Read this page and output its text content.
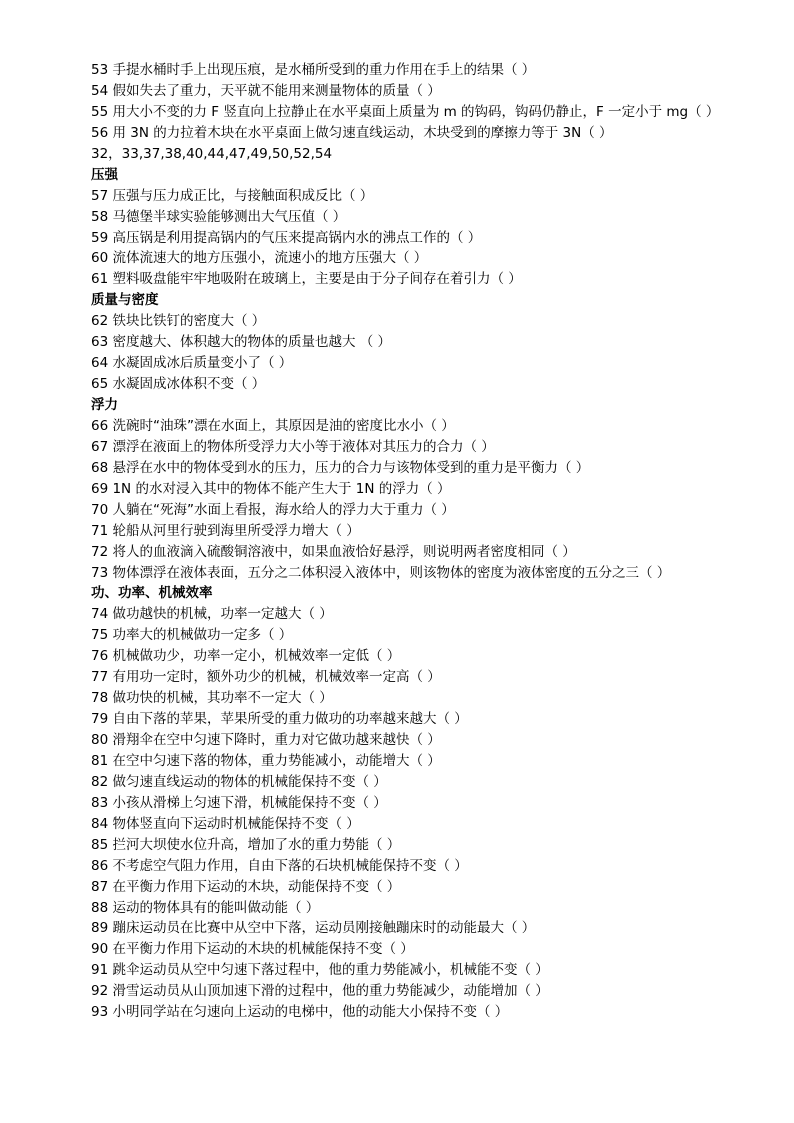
53 手提水桶时手上出现压痕，是水桶所受到的重力作用在手上的结果（ ）
54 假如失去了重力，天平就不能用来测量物体的质量（ ）
55 用大小不变的力 F 竖直向上拉静止在水平桌面上质量为 m 的钩码，钩码仍静止，F 一定小于 mg（ ）
56 用 3N 的力拉着木块在水平桌面上做匀速直线运动，木块受到的摩擦力等于 3N（ ）
32，33,37,38,40,44,47,49,50,52,54
压强
57 压强与压力成正比，与接触面积成反比（ ）
58 马德堡半球实验能够测出大气压值（ ）
59 高压锅是利用提高锅内的气压来提高锅内水的沸点工作的（ ）
60 流体流速大的地方压强小，流速小的地方压强大（ ）
61 塑料吸盘能牢牢地吸附在玻璃上，主要是由于分子间存在着引力（ ）
质量与密度
62 铁块比铁钉的密度大（ ）
63 密度越大、体积越大的物体的质量也越大 （ ）
64 水凝固成冰后质量变小了（ ）
65 水凝固成冰体积不变（ ）
浮力
66 洗碗时“油珠”漂在水面上，其原因是油的密度比水小（ ）
67 漂浮在液面上的物体所受浮力大小等于液体对其压力的合力（ ）
68 悬浮在水中的物体受到水的压力，压力的合力与该物体受到的重力是平衡力（ ）
69 1N 的水对浸入其中的物体不能产生大于 1N 的浮力（ ）
70 人躺在“死海”水面上看报，海水给人的浮力大于重力（ ）
71 轮船从河里行驶到海里所受浮力增大（ ）
72 将人的血液滴入硫酸铜溶液中，如果血液恰好悬浮，则说明两者密度相同（ ）
73 物体漂浮在液体表面，五分之二体积浸入液体中，则该物体的密度为液体密度的五分之三（ ）
功、功率、机械效率
74 做功越快的机械，功率一定越大（ ）
75 功率大的机械做功一定多（ ）
76 机械做功少，功率一定小，机械效率一定低（ ）
77 有用功一定时，额外功少的机械，机械效率一定高（ ）
78 做功快的机械，其功率不一定大（ ）
79 自由下落的苹果，苹果所受的重力做功的功率越来越大（ ）
80 滑翔伞在空中匀速下降时，重力对它做功越来越快（ ）
81 在空中匀速下落的物体，重力势能减小，动能增大（ ）
82 做匀速直线运动的物体的机械能保持不变（ ）
83 小孩从滑梯上匀速下滑，机械能保持不变（ ）
84 物体竖直向下运动时机械能保持不变（ ）
85 拦河大坝使水位升高，增加了水的重力势能（ ）
86 不考虑空气阻力作用，自由下落的石块机械能保持不变（ ）
87 在平衡力作用下运动的木块，动能保持不变（ ）
88 运动的物体具有的能叫做动能（ ）
89 蹦床运动员在比赛中从空中下落，运动员刚接触蹦床时的动能最大（ ）
90 在平衡力作用下运动的木块的机械能保持不变（ ）
91 跳伞运动员从空中匀速下落过程中，他的重力势能减小，机械能不变（ ）
92 滑雪运动员从山顶加速下滑的过程中，他的重力势能减少，动能增加（ ）
93 小明同学站在匀速向上运动的电梯中，他的动能大小保持不变（ ）
